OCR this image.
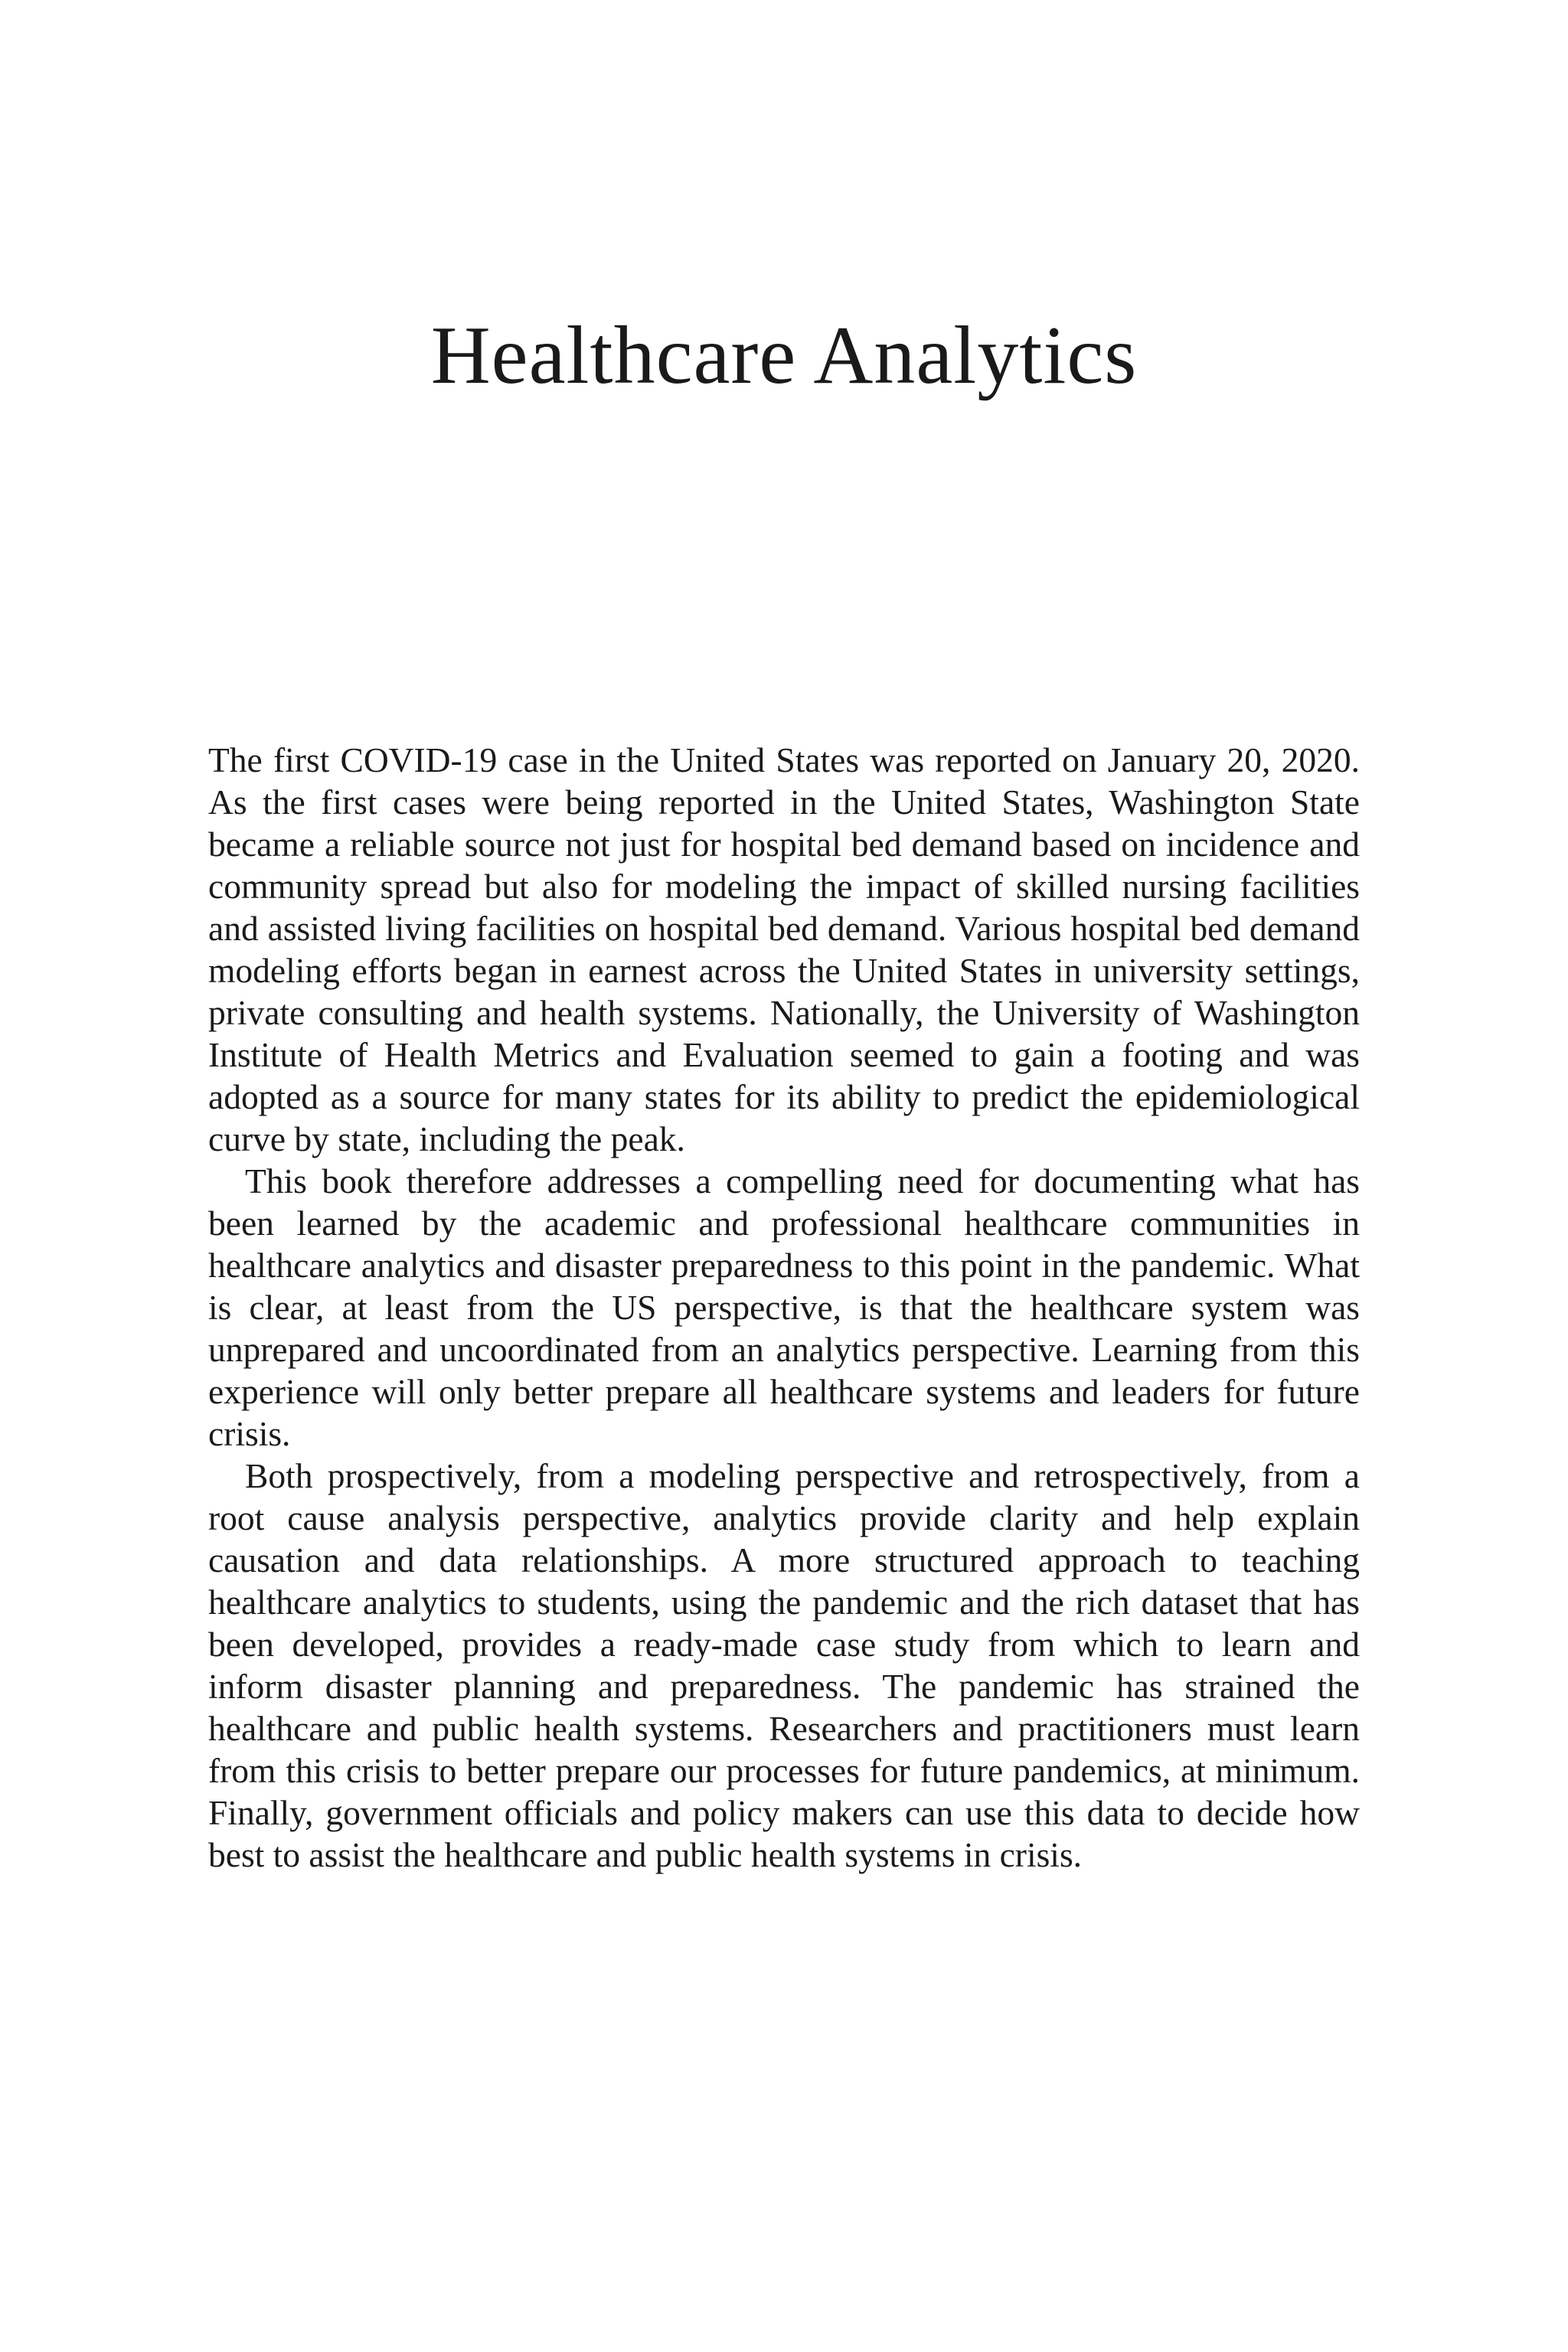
Healthcare Analytics

The first COVID-19 case in the United States was reported on January 20, 2020. As the first cases were being reported in the United States, Washington State became a reliable source not just for hospital bed demand based on incidence and community spread but also for modeling the impact of skilled nursing facilities and assisted living facilities on hospital bed demand. Various hospital bed demand modeling efforts began in earnest across the United States in university settings, private consulting and health systems. Nationally, the University of Washington Institute of Health Metrics and Evaluation seemed to gain a footing and was adopted as a source for many states for its ability to predict the epidemiological curve by state, including the peak.

This book therefore addresses a compelling need for documenting what has been learned by the academic and professional healthcare communities in healthcare analytics and disaster preparedness to this point in the pandemic. What is clear, at least from the US perspective, is that the healthcare system was unprepared and uncoordinated from an analytics perspective. Learning from this experience will only better prepare all healthcare systems and leaders for future crisis.

Both prospectively, from a modeling perspective and retrospectively, from a root cause analysis perspective, analytics provide clarity and help explain causation and data relationships. A more structured approach to teaching healthcare analytics to students, using the pandemic and the rich dataset that has been developed, provides a ready-made case study from which to learn and inform disaster planning and preparedness. The pandemic has strained the healthcare and public health systems. Researchers and practitioners must learn from this crisis to better prepare our processes for future pandemics, at minimum. Finally, government officials and policy makers can use this data to decide how best to assist the healthcare and public health systems in crisis.
